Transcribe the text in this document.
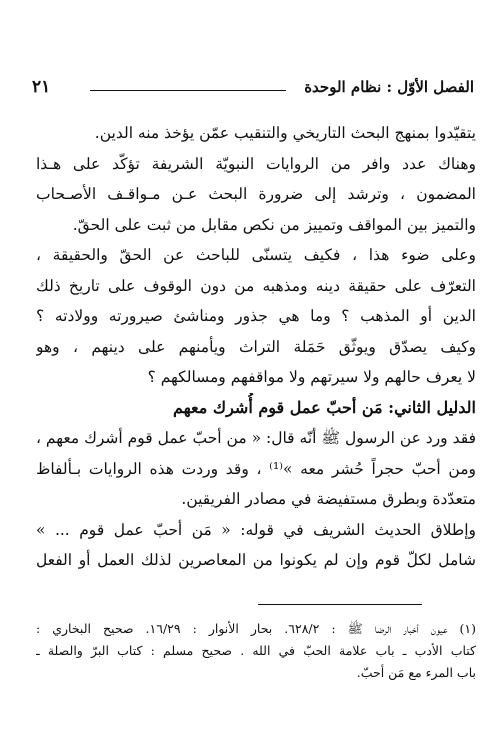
الفصل الأوّل : نظام الوحدة
٢١
يتقيّدوا بمنهج البحث التاريخي والتنقيب عمّن يؤخذ منه الدين.
وهناك عدد وافر من الروايات النبويّة الشريفة تؤكّد على هـذا
المضمون ، وترشد إلى ضرورة البحث عـن مـواقـف الأصـحاب
والتميز بين المواقف وتمييز من نكص مقابل من ثبت على الحقّ.
وعلى ضوء هذا ، فكيف يتسنّى للباحث عن الحقّ والحقيقة ،
التعرّف على حقيقة دينه ومذهبه من دون الوقوف على تاريخ ذلك
الدين أو المذهب ؟ وما هي جذور ومناشئ صيرورته وولادته ؟
وكيف يصدّق ويوثّق حَمَلة التراث ويأمنهم على دينهم ، وهو
لا يعرف حالهم ولا سيرتهم ولا مواقفهم ومسالكهم ؟
الدليل الثاني: مَن أحبّ عمل قوم أُشرك معهم
فقد ورد عن الرسول ﷺ أنّه قال: « من أحبّ عمل قوم أشرك معهم ،
ومن أحبّ حجراً حُشر معه »⁽¹⁾ ، وقد وردت هذه الروايات بـألفاظ
متعدّدة وبطرق مستفيضة في مصادر الفريقين.
وإطلاق الحديث الشريف في قوله: « مَن أحبّ عمل قوم ... »
شامل لكلّ قوم وإن لم يكونوا من المعاصرين لذلك العمل أو الفعل
(١) عيون أخبار الرضا ﷺ : ٦٢٨/٢. بحار الأنوار : ١٦/٢٩. صحيح البخاري :
كتاب الأدب ـ باب علامة الحبّ في الله . صحيح مسلم : كتاب البرّ والصلة ـ
باب المرء مع مَن أحبّ.
